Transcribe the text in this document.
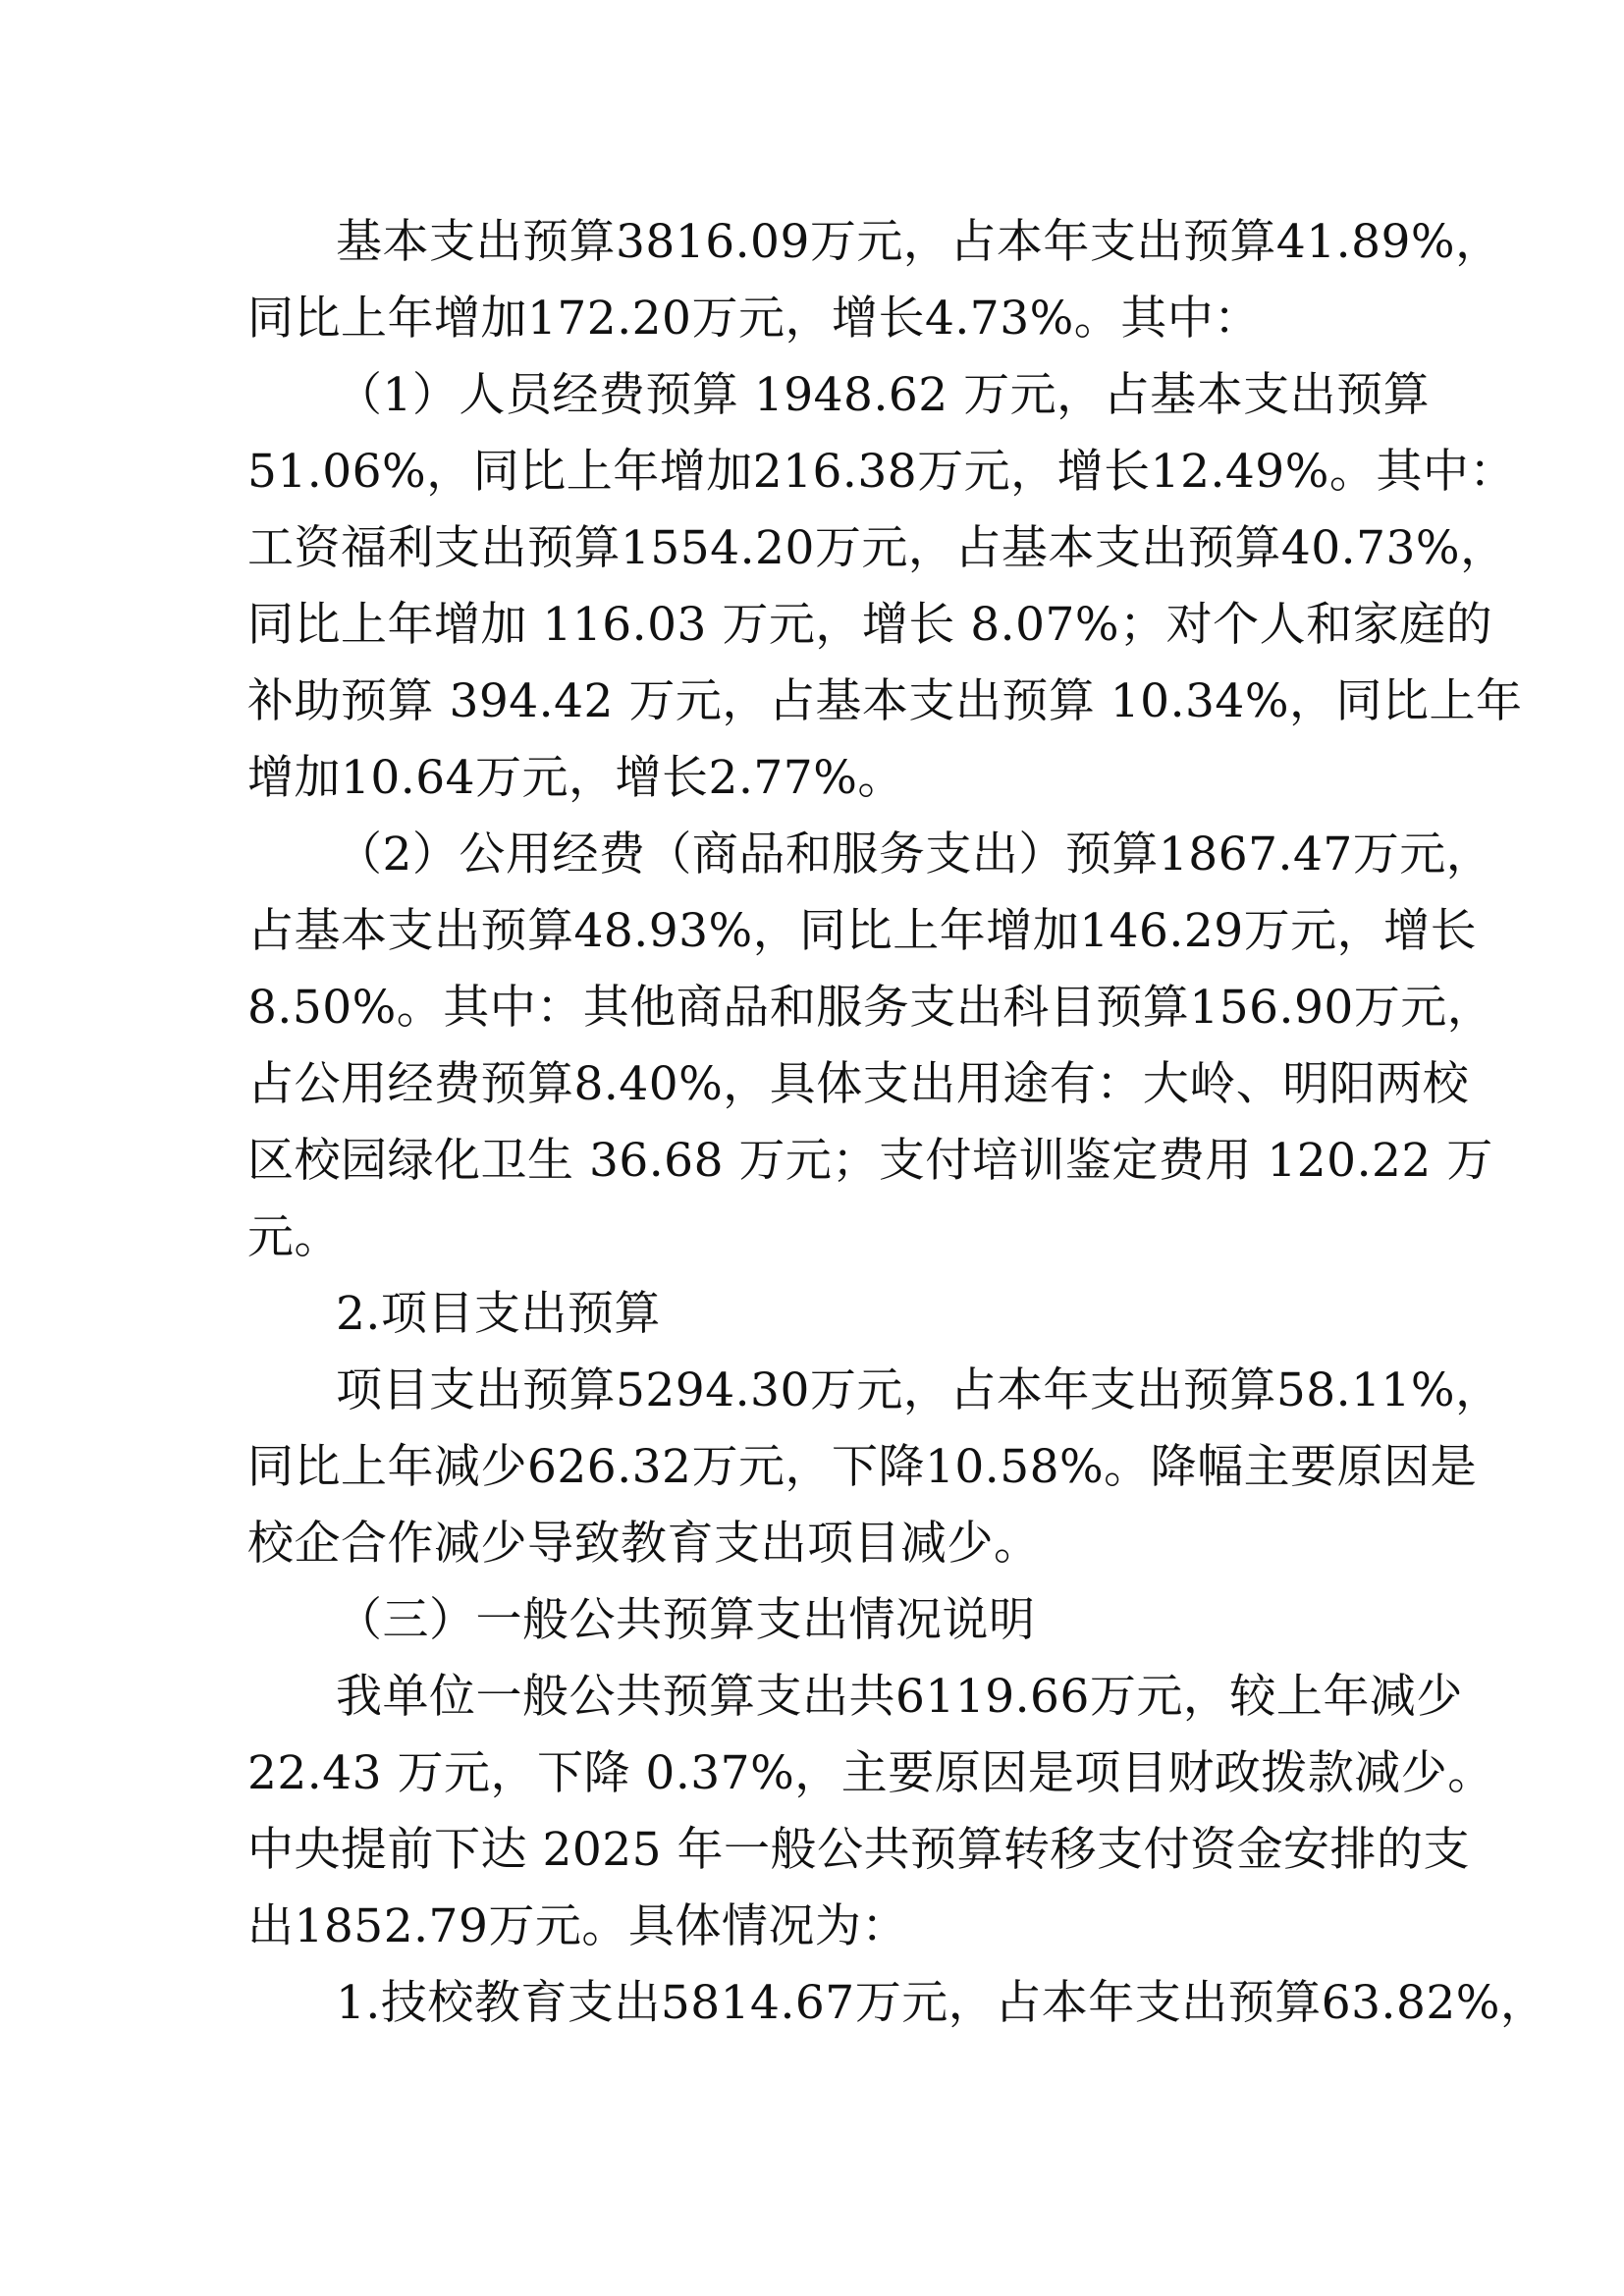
基本支出预算3816.09万元，占本年支出预算41.89%，
同比上年增加172.20万元，增长4.73%。其中：
（1）人员经费预算 1948.62 万元，占基本支出预算
51.06%，同比上年增加216.38万元，增长12.49%。其中：
工资福利支出预算1554.20万元，占基本支出预算40.73%，
同比上年增加 116.03 万元，增长 8.07%；对个人和家庭的
补助预算 394.42 万元，占基本支出预算 10.34%，同比上年
增加10.64万元，增长2.77%。
（2）公用经费（商品和服务支出）预算1867.47万元，
占基本支出预算48.93%，同比上年增加146.29万元，增长
8.50%。其中：其他商品和服务支出科目预算156.90万元，
占公用经费预算8.40%，具体支出用途有：大岭、明阳两校
区校园绿化卫生 36.68 万元；支付培训鉴定费用 120.22 万
元。
2.项目支出预算
项目支出预算5294.30万元，占本年支出预算58.11%，
同比上年减少626.32万元，下降10.58%。降幅主要原因是
校企合作减少导致教育支出项目减少。
（三）一般公共预算支出情况说明
我单位一般公共预算支出共6119.66万元，较上年减少
22.43 万元，下降 0.37%，主要原因是项目财政拨款减少。
中央提前下达 2025 年一般公共预算转移支付资金安排的支
出1852.79万元。具体情况为：
1.技校教育支出5814.67万元，占本年支出预算63.82%，
